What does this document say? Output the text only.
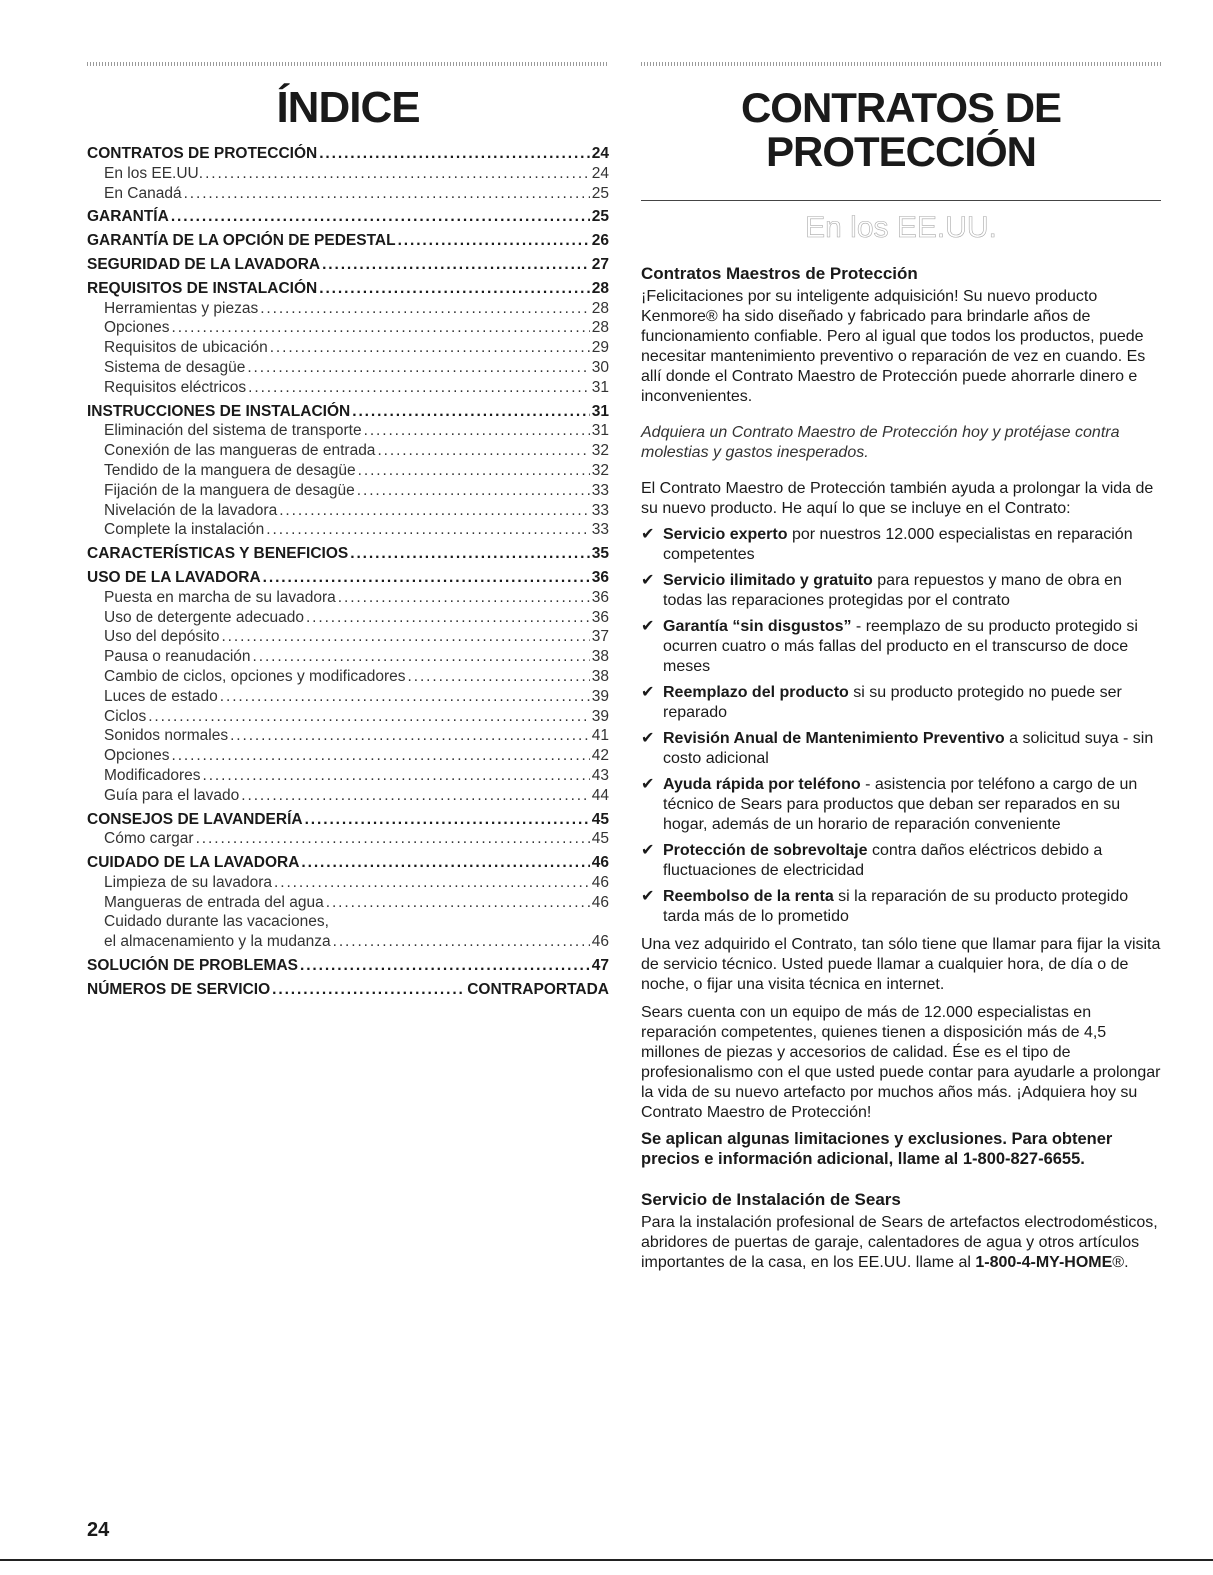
ÍNDICE
CONTRATOS DE PROTECCIÓN . . .	24
En los EE.UU. . . .	24
En Canadá . . .	25
GARANTÍA . . .	25
GARANTÍA DE LA OPCIÓN DE PEDESTAL . . .	26
SEGURIDAD DE LA LAVADORA . . .	27
REQUISITOS DE INSTALACIÓN . . .	28
Herramientas y piezas . . .	28
Opciones . . .	28
Requisitos de ubicación . . .	29
Sistema de desagüe . . .	30
Requisitos eléctricos . . .	31
INSTRUCCIONES DE INSTALACIÓN . . .	31
Eliminación del sistema de transporte . . .	31
Conexión de las mangueras de entrada . . .	32
Tendido de la manguera de desagüe . . .	32
Fijación de la manguera de desagüe . . .	33
Nivelación de la lavadora . . .	33
Complete la instalación . . .	33
CARACTERÍSTICAS Y BENEFICIOS . . .	35
USO DE LA LAVADORA . . .	36
Puesta en marcha de su lavadora . . .	36
Uso de detergente adecuado . . .	36
Uso del depósito . . .	37
Pausa o reanudación . . .	38
Cambio de ciclos, opciones y modificadores . . .	38
Luces de estado . . .	39
Ciclos . . .	39
Sonidos normales . . .	41
Opciones . . .	42
Modificadores . . .	43
Guía para el lavado . . .	44
CONSEJOS DE LAVANDERÍA . . .	45
Cómo cargar . . .	45
CUIDADO DE LA LAVADORA . . .	46
Limpieza de su lavadora . . .	46
Mangueras de entrada del agua . . .	46
Cuidado durante las vacaciones,
el almacenamiento y la mudanza . . .	46
SOLUCIÓN DE PROBLEMAS . . .	47
NÚMEROS DE SERVICIO . . .	CONTRAPORTADA
CONTRATOS DE
PROTECCIÓN
En los EE.UU.
Contratos Maestros de Protección

¡Felicitaciones por su inteligente adquisición! Su nuevo producto Kenmore® ha sido diseñado y fabricado para brindarle años de funcionamiento confiable. Pero al igual que todos los productos, puede necesitar mantenimiento preventivo o reparación de vez en cuando. Es allí donde el Contrato Maestro de Protección puede ahorrarle dinero e inconvenientes.

Adquiera un Contrato Maestro de Protección hoy y protéjase contra molestias y gastos inesperados.

El Contrato Maestro de Protección también ayuda a prolongar la vida de su nuevo producto. He aquí lo que se incluye en el Contrato:

✔ Servicio experto por nuestros 12.000 especialistas en reparación competentes
✔ Servicio ilimitado y gratuito para repuestos y mano de obra en todas las reparaciones protegidas por el contrato
✔ Garantía “sin disgustos” - reemplazo de su producto protegido si ocurren cuatro o más fallas del producto en el transcurso de doce meses
✔ Reemplazo del producto si su producto protegido no puede ser reparado
✔ Revisión Anual de Mantenimiento Preventivo a solicitud suya - sin costo adicional
✔ Ayuda rápida por teléfono - asistencia por teléfono a cargo de un técnico de Sears para productos que deban ser reparados en su hogar, además de un horario de reparación conveniente
✔ Protección de sobrevoltaje contra daños eléctricos debido a fluctuaciones de electricidad
✔ Reembolso de la renta si la reparación de su producto protegido tarda más de lo prometido

Una vez adquirido el Contrato, tan sólo tiene que llamar para fijar la visita de servicio técnico. Usted puede llamar a cualquier hora, de día o de noche, o fijar una visita técnica en internet.

Sears cuenta con un equipo de más de 12.000 especialistas en reparación competentes, quienes tienen a disposición más de 4,5 millones de piezas y accesorios de calidad. Ése es el tipo de profesionalismo con el que usted puede contar para ayudarle a prolongar la vida de su nuevo artefacto por muchos años más. ¡Adquiera hoy su Contrato Maestro de Protección!

Se aplican algunas limitaciones y exclusiones. Para obtener precios e información adicional, llame al 1-800-827-6655.

Servicio de Instalación de Sears

Para la instalación profesional de Sears de artefactos electrodomésticos, abridores de puertas de garaje, calentadores de agua y otros artículos importantes de la casa, en los EE.UU. llame al 1-800-4-MY-HOME®.

24
